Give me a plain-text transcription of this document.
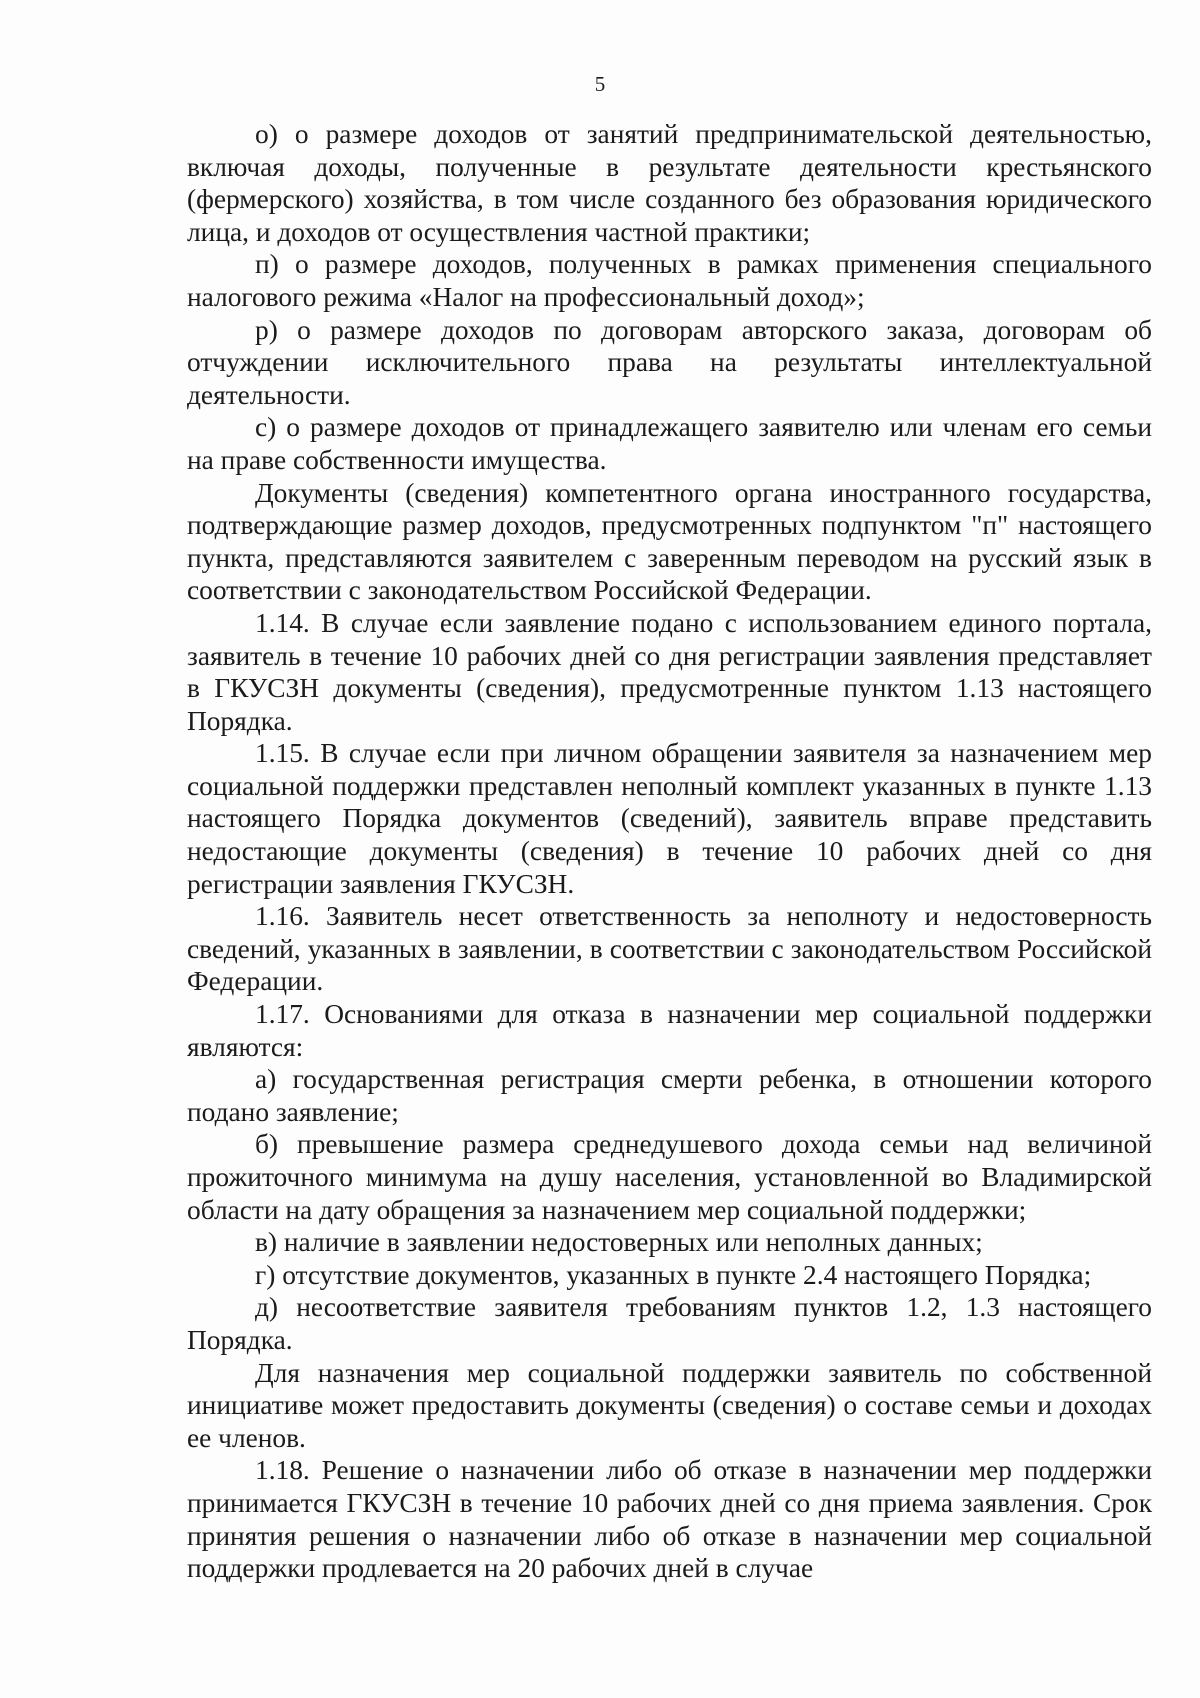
5

о) о размере доходов от занятий предпринимательской деятельностью, включая доходы, полученные в результате деятельности крестьянского (фермерского) хозяйства, в том числе созданного без образования юридического лица, и доходов от осуществления частной практики;

п) о размере доходов, полученных в рамках применения специального налогового режима «Налог на профессиональный доход»;

р) о размере доходов по договорам авторского заказа, договорам об отчуждении исключительного права на результаты интеллектуальной деятельности.

с) о размере доходов от принадлежащего заявителю или членам его семьи на праве собственности имущества.

Документы (сведения) компетентного органа иностранного государства, подтверждающие размер доходов, предусмотренных подпунктом "п" настоящего пункта, представляются заявителем с заверенным переводом на русский язык в соответствии с законодательством Российской Федерации.

1.14. В случае если заявление подано с использованием единого портала, заявитель в течение 10 рабочих дней со дня регистрации заявления представляет в ГКУСЗН документы (сведения), предусмотренные пунктом 1.13 настоящего Порядка.

1.15. В случае если при личном обращении заявителя за назначением мер социальной поддержки представлен неполный комплект указанных в пункте 1.13 настоящего Порядка документов (сведений), заявитель вправе представить недостающие документы (сведения) в течение 10 рабочих дней со дня регистрации заявления ГКУСЗН.

1.16. Заявитель несет ответственность за неполноту и недостоверность сведений, указанных в заявлении, в соответствии с законодательством Российской Федерации.

1.17. Основаниями для отказа в назначении мер социальной поддержки являются:

а) государственная регистрация смерти ребенка, в отношении которого подано заявление;

б) превышение размера среднедушевого дохода семьи над величиной прожиточного минимума на душу населения, установленной во Владимирской области на дату обращения за назначением мер социальной поддержки;

в) наличие в заявлении недостоверных или неполных данных;

г) отсутствие документов, указанных в пункте 2.4 настоящего Порядка;

д) несоответствие заявителя требованиям пунктов 1.2, 1.3 настоящего Порядка.

Для назначения мер социальной поддержки заявитель по собственной инициативе может предоставить документы (сведения) о составе семьи и доходах ее членов.

1.18. Решение о назначении либо об отказе в назначении мер поддержки принимается ГКУСЗН в течение 10 рабочих дней со дня приема заявления. Срок принятия решения о назначении либо об отказе в назначении мер социальной поддержки продлевается на 20 рабочих дней в случае
